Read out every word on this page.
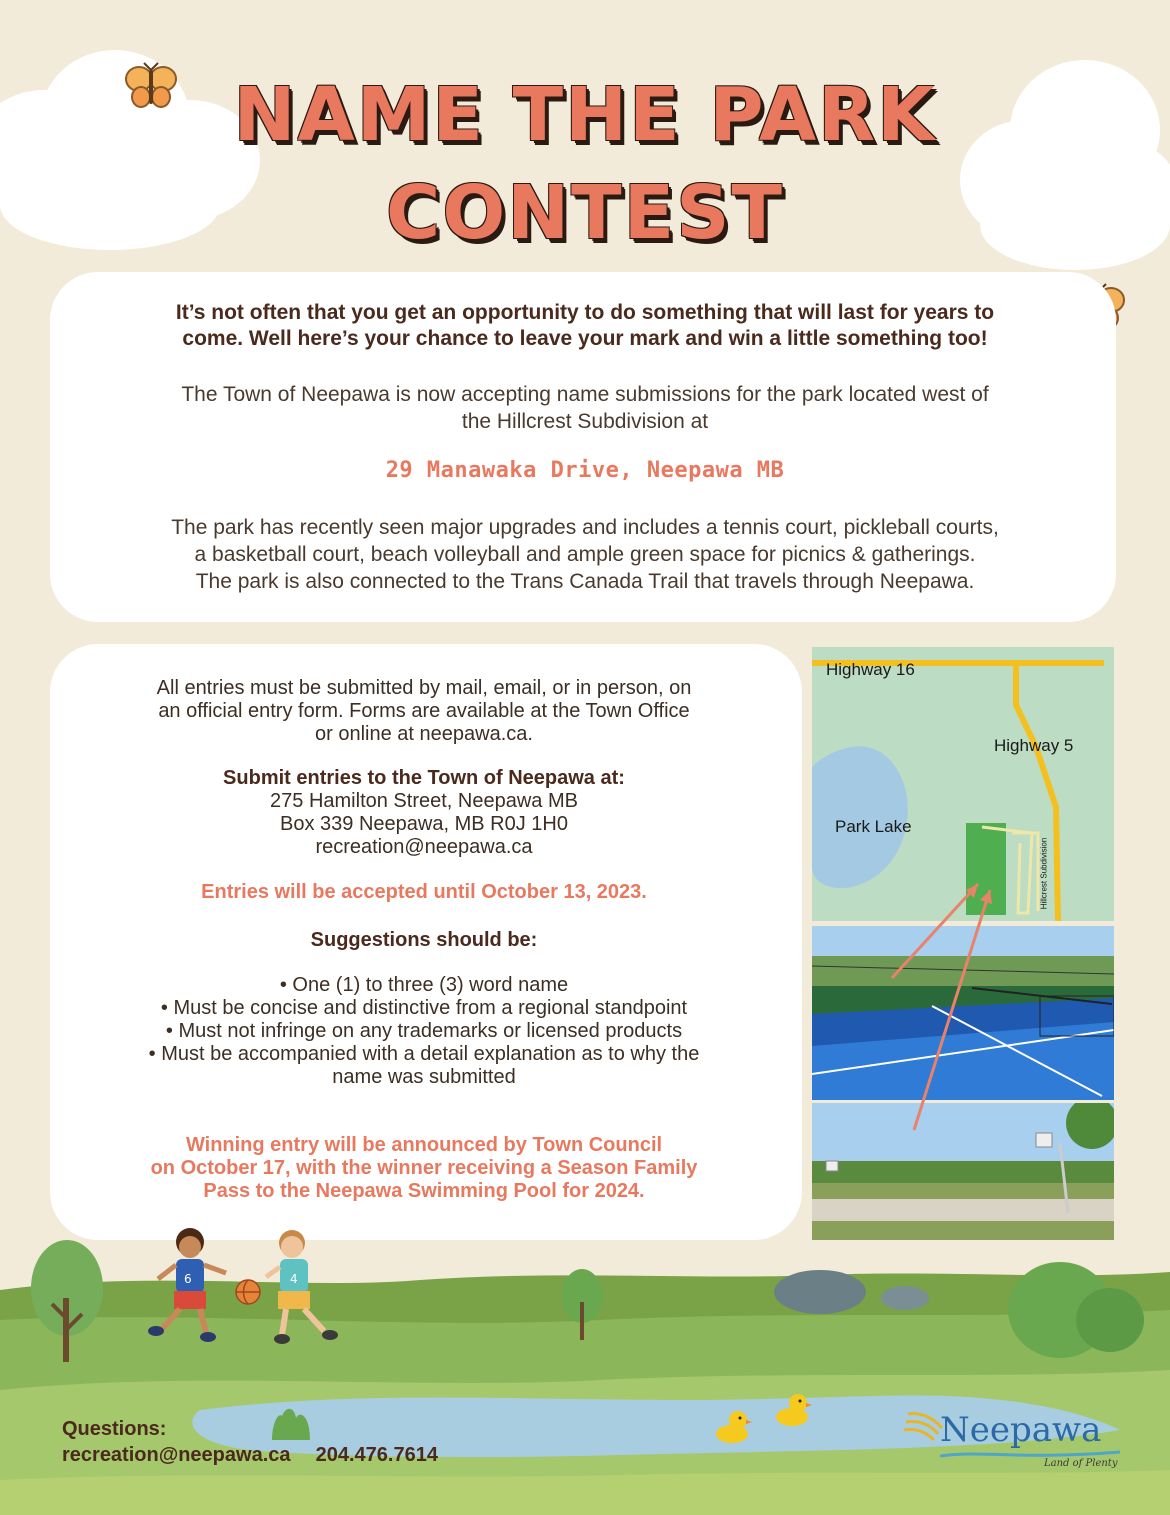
NAME THE PARK
CONTEST
It’s not often that you get an opportunity to do something that will last for years to
come. Well here’s your chance to leave your mark and win a little something too!
The Town of Neepawa is now accepting name submissions for the park located west of
the Hillcrest Subdivision at
29 Manawaka Drive, Neepawa MB
The park has recently seen major upgrades and includes a tennis court, pickleball courts,
a basketball court, beach volleyball and ample green space for picnics & gatherings.
The park is also connected to the Trans Canada Trail that travels through Neepawa.
All entries must be submitted by mail, email, or in person, on
an official entry form. Forms are available at the Town Office
or online at neepawa.ca.
Submit entries to the Town of Neepawa at:
275 Hamilton Street, Neepawa MB
Box 339 Neepawa, MB R0J 1H0
recreation@neepawa.ca
Entries will be accepted until October 13, 2023.
Suggestions should be:
• One (1) to three (3) word name
• Must be concise and distinctive from a regional standpoint
• Must not infringe on any trademarks or licensed products
• Must be accompanied with a detail explanation as to why the
name was submitted
Winning entry will be announced by Town Council
on October 17, with the winner receiving a Season Family
Pass to the Neepawa Swimming Pool for 2024.
Highway 16
Highway 5
Park Lake
Hillcrest Subdivision
6	4
Questions:
recreation@neepawa.ca 204.476.7614
Neepawa
Land of Plenty
